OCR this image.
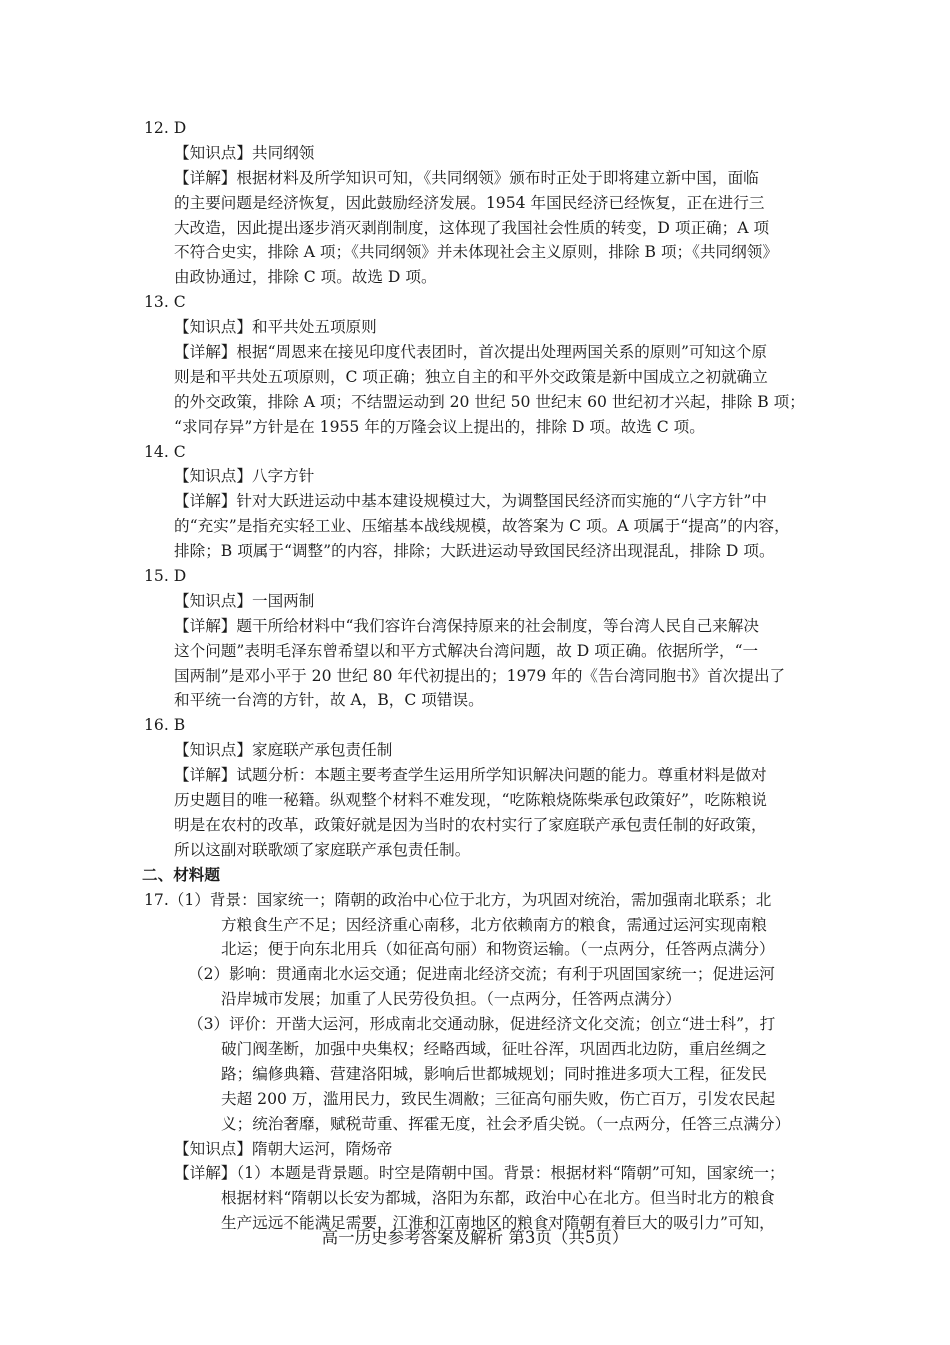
12. D
【知识点】共同纲领
【详解】根据材料及所学知识可知，《共同纲领》颁布时正处于即将建立新中国，面临
的主要问题是经济恢复，因此鼓励经济发展。1954 年国民经济已经恢复，正在进行三
大改造，因此提出逐步消灭剥削制度，这体现了我国社会性质的转变，D 项正确；A 项
不符合史实，排除 A 项；《共同纲领》并未体现社会主义原则，排除 B 项；《共同纲领》
由政协通过，排除 C 项。故选 D 项。
13. C
【知识点】和平共处五项原则
【详解】根据“周恩来在接见印度代表团时，首次提出处理两国关系的原则”可知这个原
则是和平共处五项原则，C 项正确；独立自主的和平外交政策是新中国成立之初就确立
的外交政策，排除 A 项；不结盟运动到 20 世纪 50 世纪末 60 世纪初才兴起，排除 B 项；
“求同存异”方针是在 1955 年的万隆会议上提出的，排除 D 项。故选 C 项。
14. C
【知识点】八字方针
【详解】针对大跃进运动中基本建设规模过大，为调整国民经济而实施的“八字方针”中
的“充实”是指充实轻工业、压缩基本战线规模，故答案为 C 项。A 项属于“提高”的内容，
排除；B 项属于“调整”的内容，排除；大跃进运动导致国民经济出现混乱，排除 D 项。
15. D
【知识点】一国两制
【详解】题干所给材料中“我们容许台湾保持原来的社会制度，等台湾人民自己来解决
这个问题”表明毛泽东曾希望以和平方式解决台湾问题，故 D 项正确。依据所学，“一
国两制”是邓小平于 20 世纪 80 年代初提出的；1979 年的《告台湾同胞书》首次提出了
和平统一台湾的方针，故 A，B，C 项错误。
16. B
【知识点】家庭联产承包责任制
【详解】试题分析：本题主要考查学生运用所学知识解决问题的能力。尊重材料是做对
历史题目的唯一秘籍。纵观整个材料不难发现，“吃陈粮烧陈柴承包政策好”，吃陈粮说
明是在农村的改革，政策好就是因为当时的农村实行了家庭联产承包责任制的好政策，
所以这副对联歌颂了家庭联产承包责任制。
二、材料题
17.（1）背景：国家统一；隋朝的政治中心位于北方，为巩固对统治，需加强南北联系；北
方粮食生产不足；因经济重心南移，北方依赖南方的粮食，需通过运河实现南粮
北运；便于向东北用兵（如征高句丽）和物资运输。（一点两分，任答两点满分）
（2）影响：贯通南北水运交通；促进南北经济交流；有利于巩固国家统一；促进运河
沿岸城市发展；加重了人民劳役负担。（一点两分，任答两点满分）
（3）评价：开凿大运河，形成南北交通动脉，促进经济文化交流；创立“进士科”，打
破门阀垄断，加强中央集权；经略西域，征吐谷浑，巩固西北边防，重启丝绸之
路；编修典籍、营建洛阳城，影响后世都城规划；同时推进多项大工程，征发民
夫超 200 万，滥用民力，致民生凋敝；三征高句丽失败，伤亡百万，引发农民起
义；统治奢靡，赋税苛重、挥霍无度，社会矛盾尖锐。（一点两分，任答三点满分）
【知识点】隋朝大运河，隋炀帝
【详解】（1）本题是背景题。时空是隋朝中国。背景：根据材料“隋朝”可知，国家统一；
根据材料“隋朝以长安为都城，洛阳为东都，政治中心在北方。但当时北方的粮食
生产远远不能满足需要，江淮和江南地区的粮食对隋朝有着巨大的吸引力”可知，
高一历史参考答案及解析 第3页（共5页）
